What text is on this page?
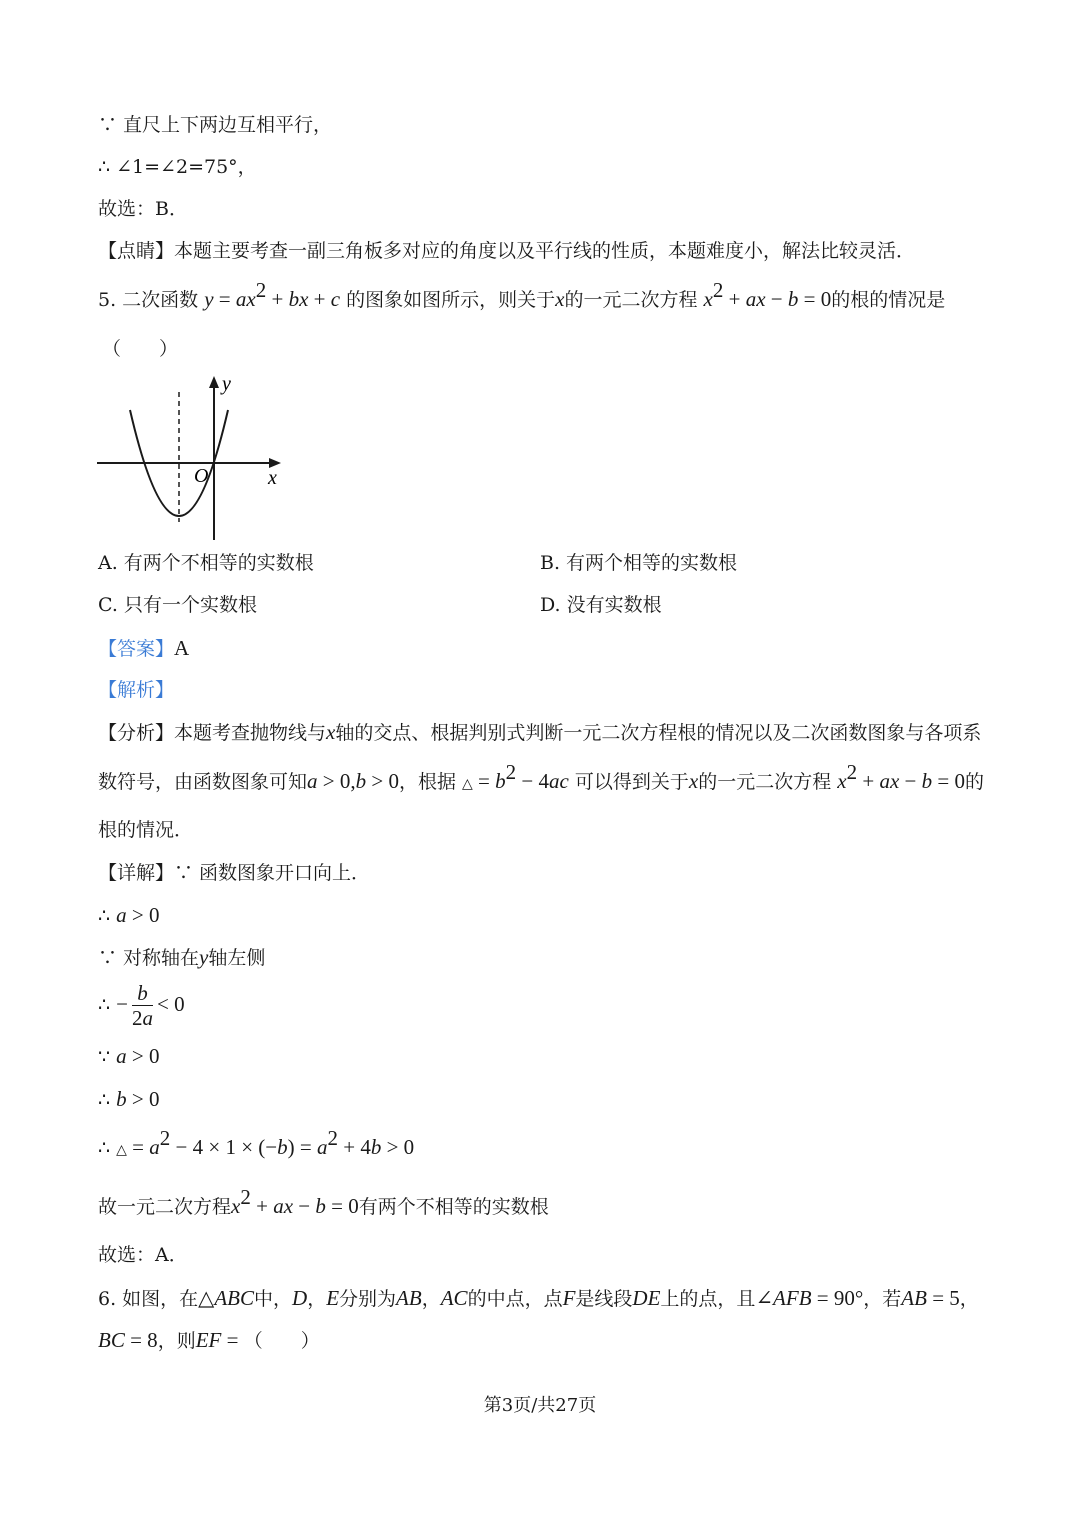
∵ 直尺上下两边互相平行，
∴ ∠1=∠2=75°，
故选：B．
【点睛】本题主要考查一副三角板多对应的角度以及平行线的性质，本题难度小，解法比较灵活．
5. 二次函数 $y = ax^2$ + bx + c 的图象如图所示，则关于x的一元二次方程 $x^2$ + ax − b = 0的根的情况是
（　　）
y
x
O
A. 有两个不相等的实数根	B. 有两个相等的实数根
C. 只有一个实数根	D. 没有实数根
【答案】A
【解析】
【分析】本题考查抛物线与x轴的交点、根据判别式判断一元二次方程根的情况以及二次函数图象与各项系
数符号，由函数图象可知a > 0,b > 0，根据 △ = $b^2 - 4ac$ 可以得到关于x的一元二次方程 $x^2$ + ax − b = 0的
根的情况．
【详解】∵ 函数图象开口向上．
∴ a > 0
∵ 对称轴在y轴左侧
∴ − $\frac{b}{2a} < 0$
∵ a > 0
∴ b > 0
∴ △ = $a^2 - 4 \times 1 \times (-b) = a^2 + 4b > 0$
故一元二次方程$x^2$ + ax − b = 0有两个不相等的实数根
故选：A．
6. 如图，在△ABC中，D，E分别为AB，AC的中点，点F是线段DE上的点，且∠AFB = 90°，若AB = 5，
BC = 8，则EF = （　　）
第3页/共27页
